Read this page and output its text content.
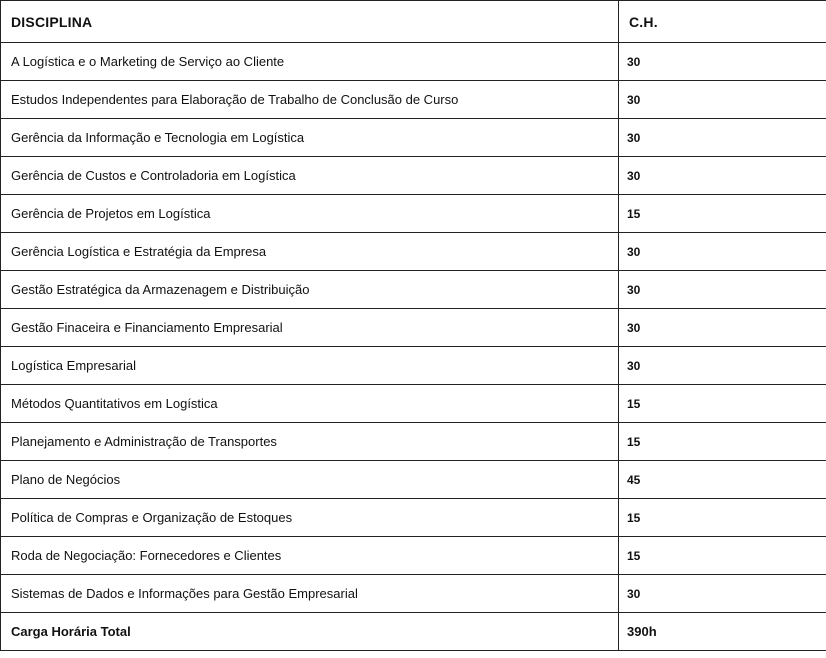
DISCIPLINA	C.H.
A Logística e o Marketing de Serviço ao Cliente	30
Estudos Independentes para Elaboração de Trabalho de Conclusão de Curso	30
Gerência da Informação e Tecnologia em Logística	30
Gerência de Custos e Controladoria em Logística	30
Gerência de Projetos em Logística	15
Gerência Logística e Estratégia da Empresa	30
Gestão Estratégica da Armazenagem e Distribuição	30
Gestão Finaceira e Financiamento Empresarial	30
Logística Empresarial	30
Métodos Quantitativos em Logística	15
Planejamento e Administração de Transportes	15
Plano de Negócios	45
Política de Compras e Organização de Estoques	15
Roda de Negociação: Fornecedores e Clientes	15
Sistemas de Dados e Informações para Gestão Empresarial	30
Carga Horária Total	390h
